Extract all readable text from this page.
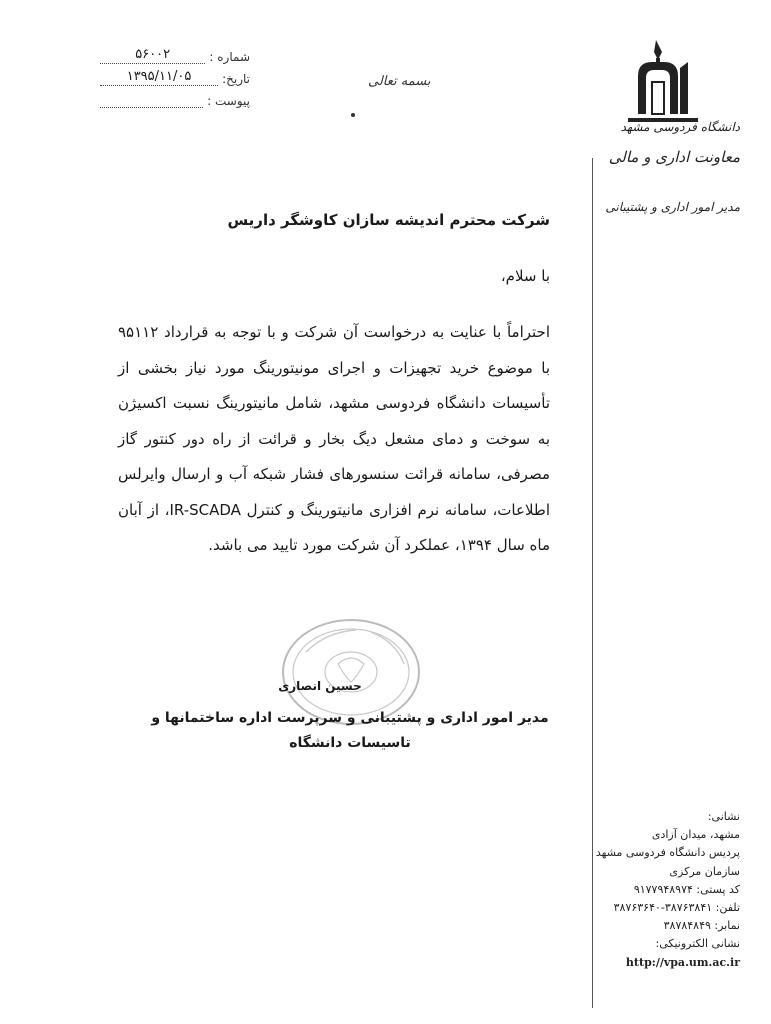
شماره :
۵۶۰۰۲
تاریخ:
۱۳۹۵/۱۱/۰۵
پیوست :
بسمه تعالی
دانشگاه فردوسی مشهد
معاونت اداری و مالی
مدیر امور اداری و پشتیبانی
شرکت محترم اندیشه سازان کاوشگر داریس
با سلام،
احتراماً با عنایت به درخواست آن شرکت و با توجه به قرارداد ۹۵۱۱۲ با موضوع خرید تجهیزات و اجرای مونیتورینگ مورد نیاز بخشی از تأسیسات دانشگاه فردوسی مشهد، شامل مانیتورینگ نسبت اکسیژن به سوخت و دمای مشعل دیگ بخار و قرائت از راه دور کنتور گاز مصرفی، سامانه قرائت سنسورهای فشار شبکه آب و ارسال وایرلس اطلاعات، سامانه نرم افزاری مانیتورینگ و کنترل IR-SCADA، از آبان ماه سال ۱۳۹۴، عملکرد آن شرکت مورد تایید می باشد.
حسین انصاری
مدیر امور اداری و پشتیبانی و سرپرست اداره ساختمانها و
تاسیسات دانشگاه
نشانی:
مشهد، میدان آزادی
پردیس دانشگاه فردوسی مشهد
سازمان مرکزی
کد پستی: ۹۱۷۷۹۴۸۹۷۴
تلفن: ۳۸۷۶۳۸۴۱-۳۸۷۶۳۶۴۰
نمابر: ۳۸۷۸۴۸۴۹
نشانی الکترونیکی:
http://vpa.um.ac.ir
